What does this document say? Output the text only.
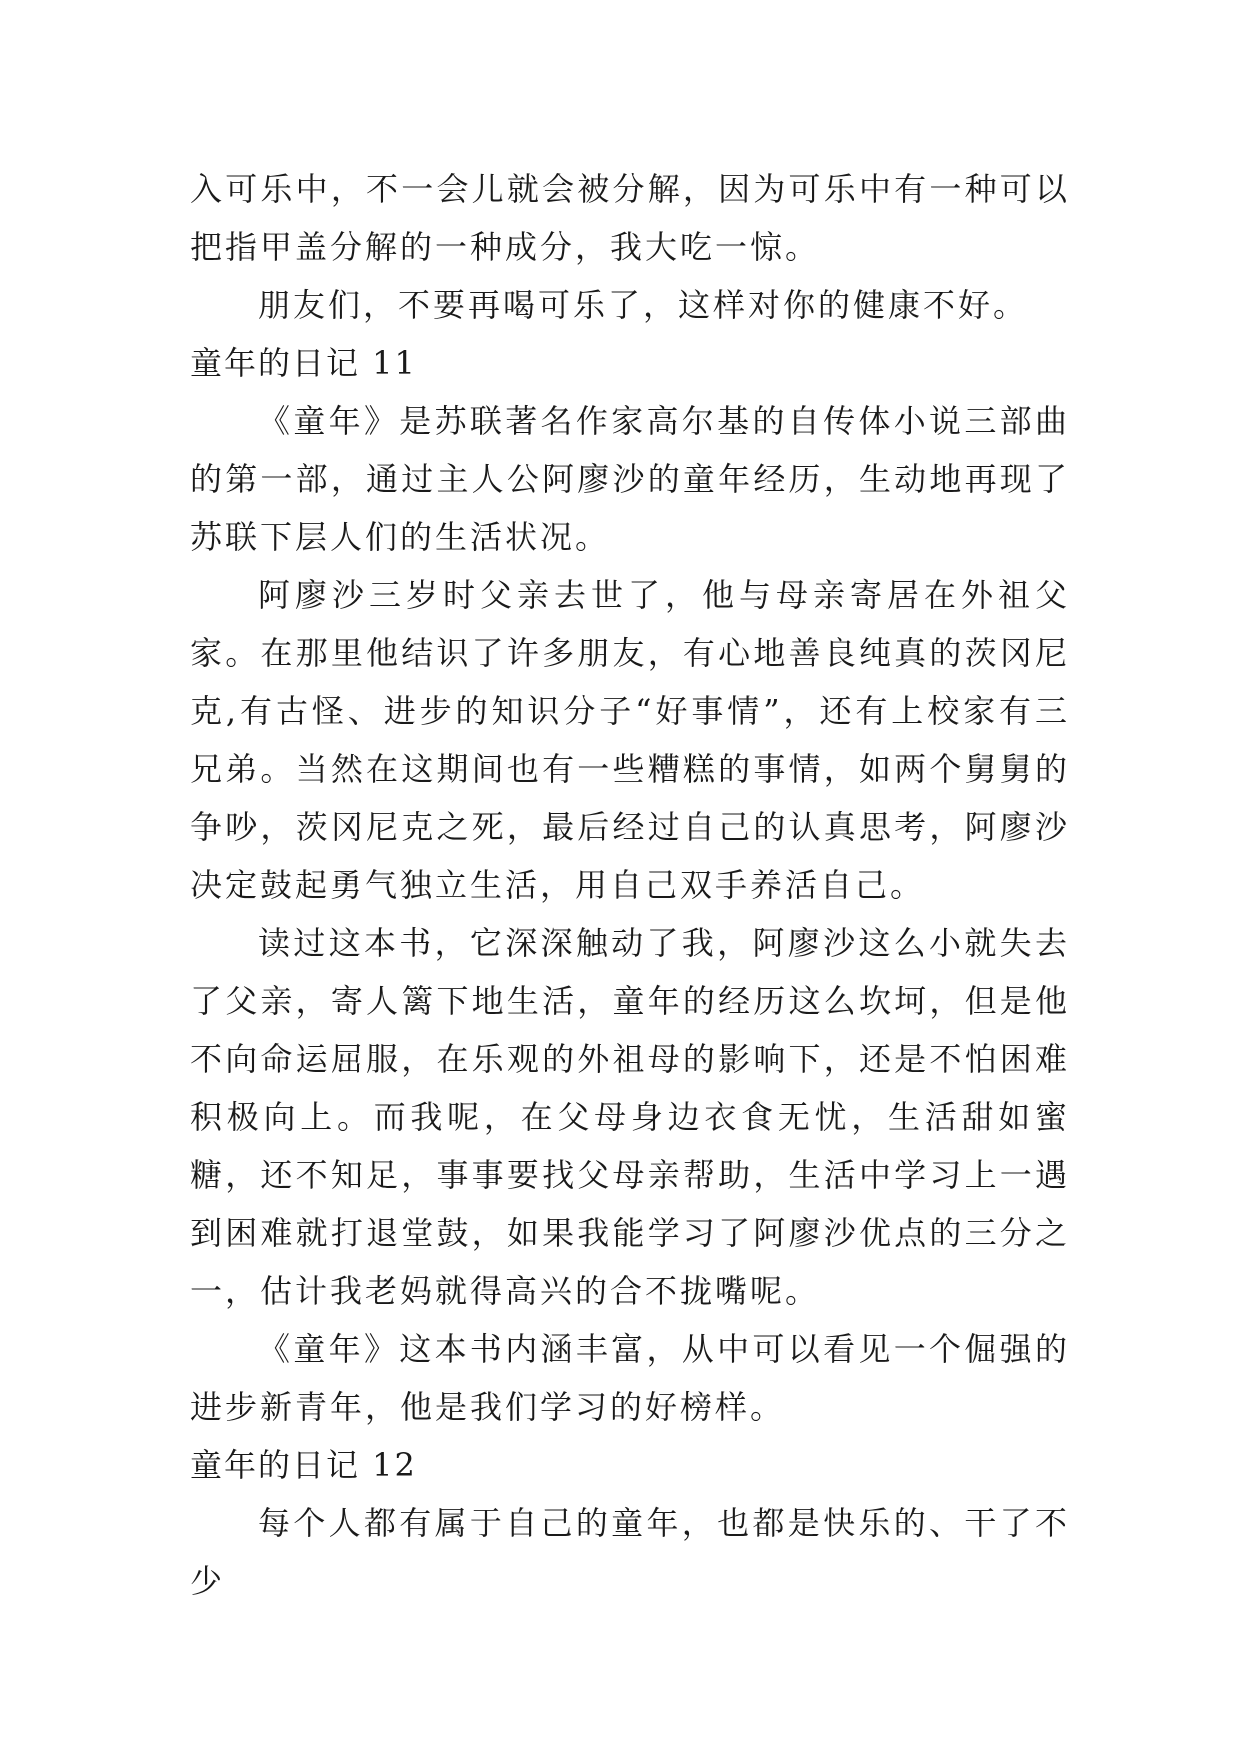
入可乐中，不一会儿就会被分解，因为可乐中有一种可以把指甲盖分解的一种成分，我大吃一惊。

朋友们，不要再喝可乐了，这样对你的健康不好。

童年的日记 11

《童年》是苏联著名作家高尔基的自传体小说三部曲的第一部，通过主人公阿廖沙的童年经历，生动地再现了苏联下层人们的生活状况。

阿廖沙三岁时父亲去世了，他与母亲寄居在外祖父家。在那里他结识了许多朋友，有心地善良纯真的茨冈尼克,有古怪、进步的知识分子“好事情”，还有上校家有三兄弟。当然在这期间也有一些糟糕的事情，如两个舅舅的争吵，茨冈尼克之死，最后经过自己的认真思考，阿廖沙决定鼓起勇气独立生活，用自己双手养活自己。

读过这本书，它深深触动了我，阿廖沙这么小就失去了父亲，寄人篱下地生活，童年的经历这么坎坷，但是他不向命运屈服，在乐观的外祖母的影响下，还是不怕困难积极向上。而我呢，在父母身边衣食无忧，生活甜如蜜糖，还不知足，事事要找父母亲帮助，生活中学习上一遇到困难就打退堂鼓，如果我能学习了阿廖沙优点的三分之一，估计我老妈就得高兴的合不拢嘴呢。

《童年》这本书内涵丰富，从中可以看见一个倔强的进步新青年，他是我们学习的好榜样。

童年的日记 12

每个人都有属于自己的童年，也都是快乐的、干了不少
